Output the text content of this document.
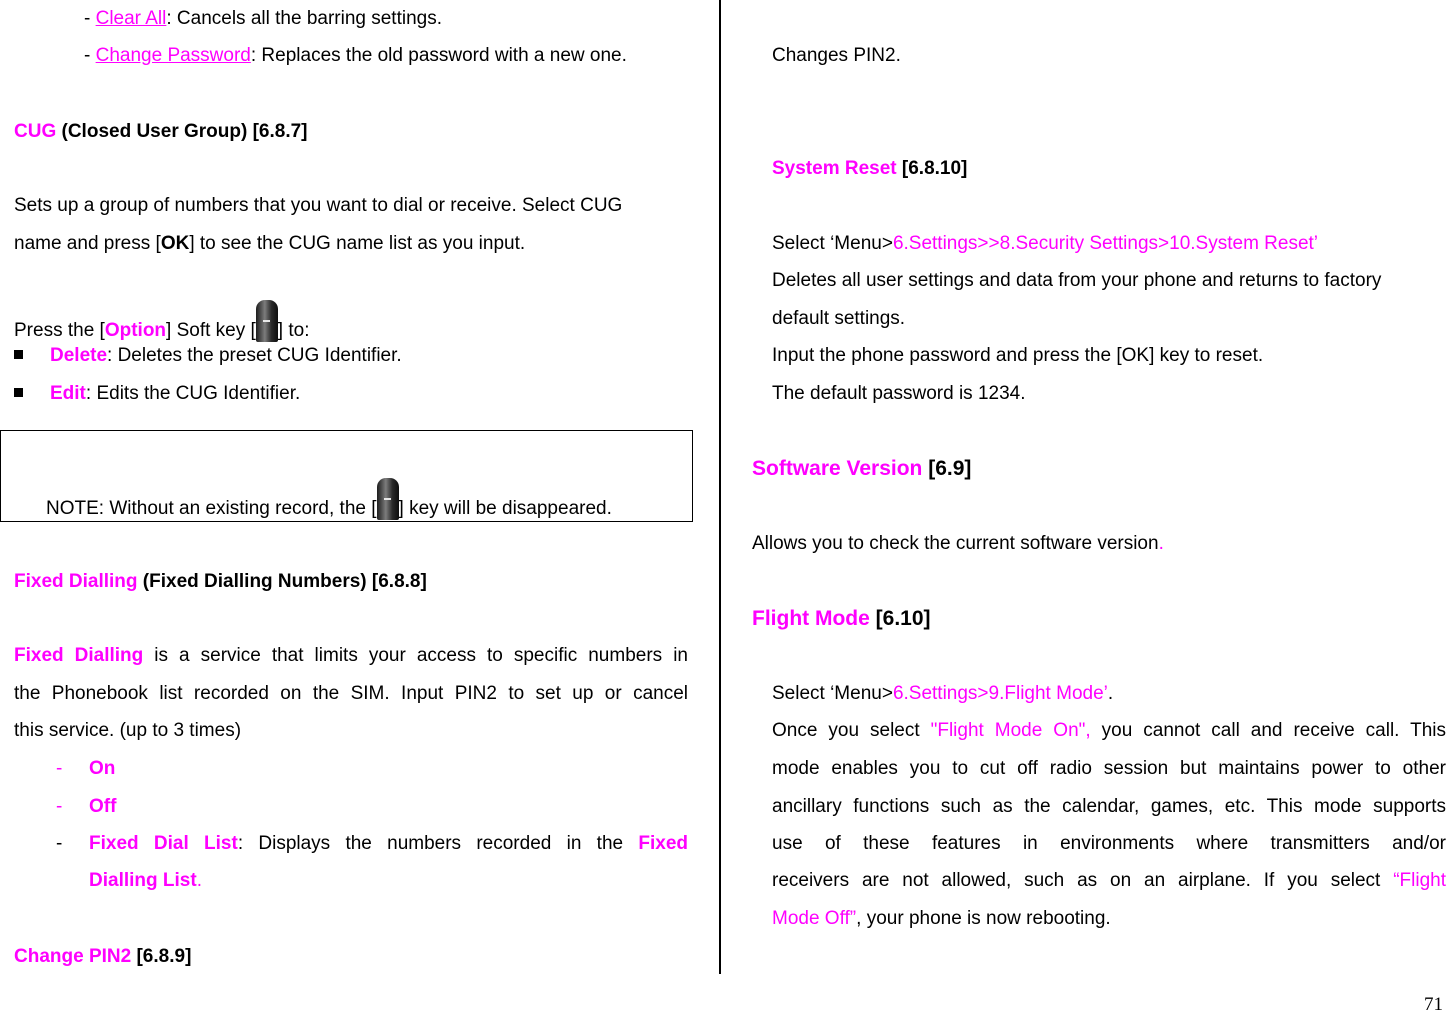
- Clear All: Cancels all the barring settings.
- Change Password: Replaces the old password with a new one.
CUG (Closed User Group) [6.8.7]
Sets up a group of numbers that you want to dial or receive. Select CUG
name and press [OK] to see the CUG name list as you input.
Press the [Option] Soft key [ ] to:
Delete: Deletes the preset CUG Identifier.
Edit: Edits the CUG Identifier.
Fixed Dialling (Fixed Dialling Numbers) [6.8.8]
Fixed Dialling is a service that limits your access to specific numbers in
the Phonebook list recorded on the SIM. Input PIN2 to set up or cancel
this service. (up to 3 times)
- On
- Off
- Fixed Dial List: Displays the numbers recorded in the Fixed
Dialling List.
Change PIN2 [6.8.9]
NOTE: Without an existing record, the [ ] key will be disappeared.
Changes PIN2.
System Reset [6.8.10]
Select ‘Menu>6.Settings>>8.Security Settings>10.System Reset’
Deletes all user settings and data from your phone and returns to factory
default settings.
Input the phone password and press the [OK] key to reset.
The default password is 1234.
Software Version [6.9]
Allows you to check the current software version.
Flight Mode [6.10]
Select ‘Menu>6.Settings>9.Flight Mode’.
Once you select "Flight Mode On", you cannot call and receive call. This
mode enables you to cut off radio session but maintains power to other
ancillary functions such as the calendar, games, etc. This mode supports
use of these features in environments where transmitters and/or
receivers are not allowed, such as on an airplane. If you select “Flight
Mode Off”, your phone is now rebooting.
71
